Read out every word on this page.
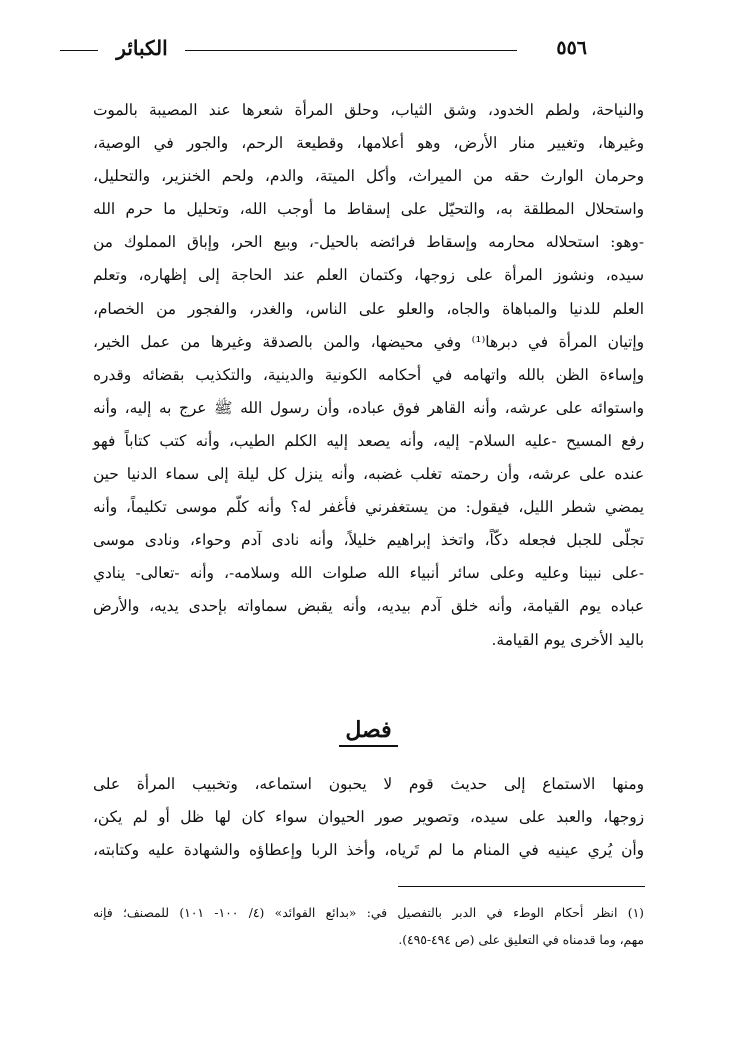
الكبائر	٥٥٦
والنياحة، ولطم الخدود، وشق الثياب، وحلق المرأة شعرها عند المصيبة بالموت
وغيرها، وتغيير منار الأرض، وهو أعلامها، وقطيعة الرحم، والجور في الوصية،
وحرمان الوارث حقه من الميراث، وأكل الميتة، والدم، ولحم الخنزير، والتحليل،
واستحلال المطلقة به، والتحيّل على إسقاط ما أوجب الله، وتحليل ما حرم الله
-وهو: استحلاله محارمه وإسقاط فرائضه بالحيل-، وبيع الحر، وإباق المملوك من
سيده، ونشوز المرأة على زوجها، وكتمان العلم عند الحاجة إلى إظهاره، وتعلم
العلم للدنيا والمباهاة والجاه، والعلو على الناس، والغدر، والفجور من الخصام،
وإتيان المرأة في دبرها⁽¹⁾ وفي محيضها، والمن بالصدقة وغيرها من عمل الخير،
وإساءة الظن بالله واتهامه في أحكامه الكونية والدينية، والتكذيب بقضائه وقدره
واستوائه على عرشه، وأنه القاهر فوق عباده، وأن رسول الله ﷺ عرج به إليه، وأنه
رفع المسيح -عليه السلام- إليه، وأنه يصعد إليه الكلم الطيب، وأنه كتب كتاباً فهو
عنده على عرشه، وأن رحمته تغلب غضبه، وأنه ينزل كل ليلة إلى سماء الدنيا حين
يمضي شطر الليل، فيقول: من يستغفرني فأغفر له؟ وأنه كلّم موسى تكليماً، وأنه
تجلّى للجبل فجعله دكّاً، واتخذ إبراهيم خليلاً، وأنه نادى آدم وحواء، ونادى موسى
-على نبينا وعليه وعلى سائر أنبياء الله صلوات الله وسلامه-، وأنه -تعالى- ينادي
عباده يوم القيامة، وأنه خلق آدم بيديه، وأنه يقبض سماواته بإحدى يديه، والأرض
باليد الأخرى يوم القيامة.
فصل
ومنها الاستماع إلى حديث قوم لا يحبون استماعه، وتخبيب المرأة على
زوجها، والعبد على سيده، وتصوير صور الحيوان سواء كان لها ظل أو لم يكن،
وأن يُري عينيه في المنام ما لم تَرياه، وأخذ الربا وإعطاؤه والشهادة عليه وكتابته،
(١) انظر أحكام الوطء في الدبر بالتفصيل في: «بدائع الفوائد» (٤/ ١٠٠- ١٠١) للمصنف؛ فإنه
مهم، وما قدمناه في التعليق على (ص ٤٩٤-٤٩٥).
